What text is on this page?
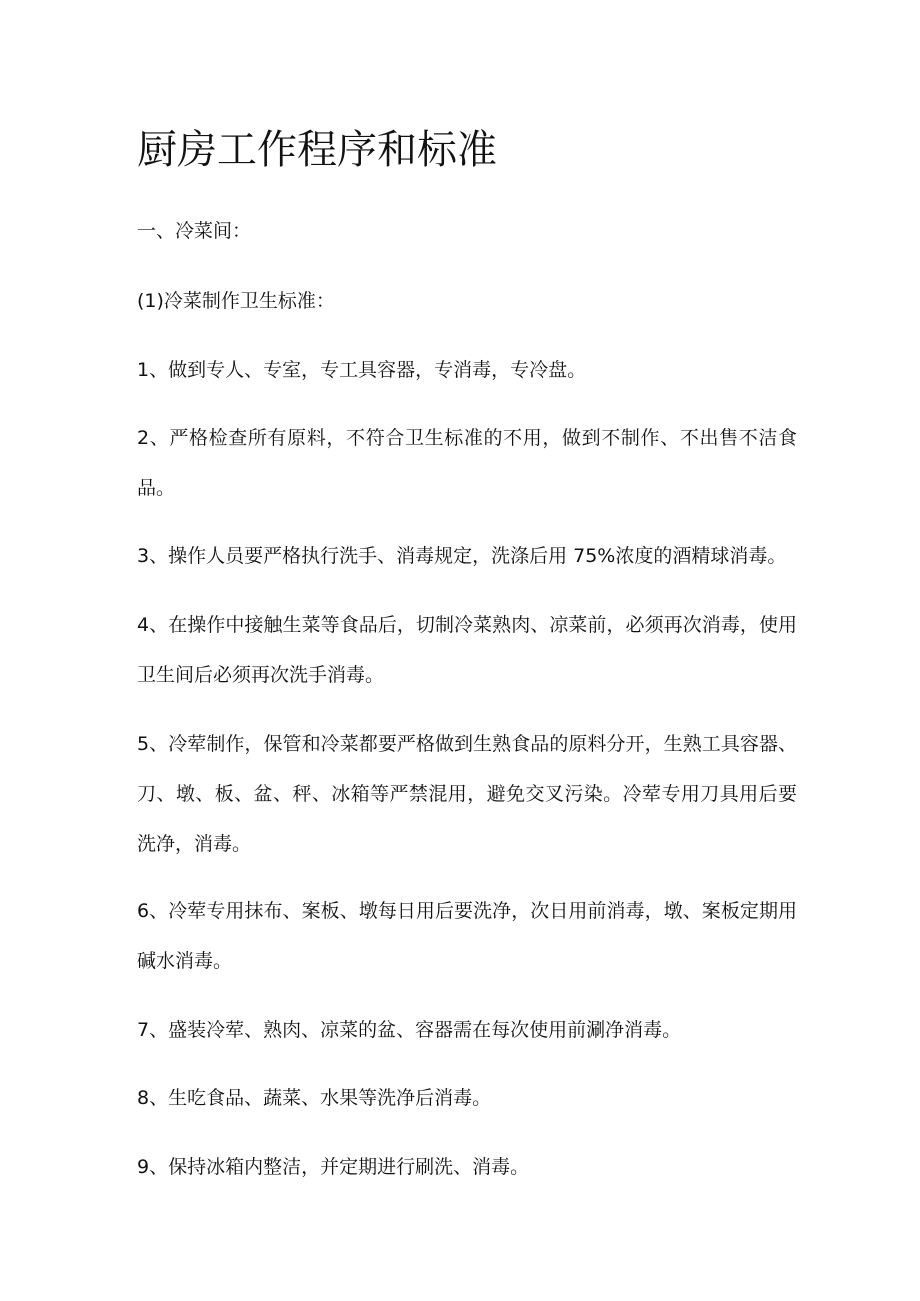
厨房工作程序和标准

一、冷菜间：

(1)冷菜制作卫生标准：

1、做到专人、专室，专工具容器，专消毒，专冷盘。

2、严格检查所有原料，不符合卫生标准的不用，做到不制作、不出售不洁食品。

3、操作人员要严格执行洗手、消毒规定，洗涤后用 75%浓度的酒精球消毒。

4、在操作中接触生菜等食品后，切制冷菜熟肉、凉菜前，必须再次消毒，使用卫生间后必须再次洗手消毒。

5、冷荤制作，保管和冷菜都要严格做到生熟食品的原料分开，生熟工具容器、刀、墩、板、盆、秤、冰箱等严禁混用，避免交叉污染。冷荤专用刀具用后要洗净，消毒。

6、冷荤专用抹布、案板、墩每日用后要洗净，次日用前消毒，墩、案板定期用碱水消毒。

7、盛装冷荤、熟肉、凉菜的盆、容器需在每次使用前涮净消毒。

8、生吃食品、蔬菜、水果等洗净后消毒。

9、保持冰箱内整洁，并定期进行刷洗、消毒。
